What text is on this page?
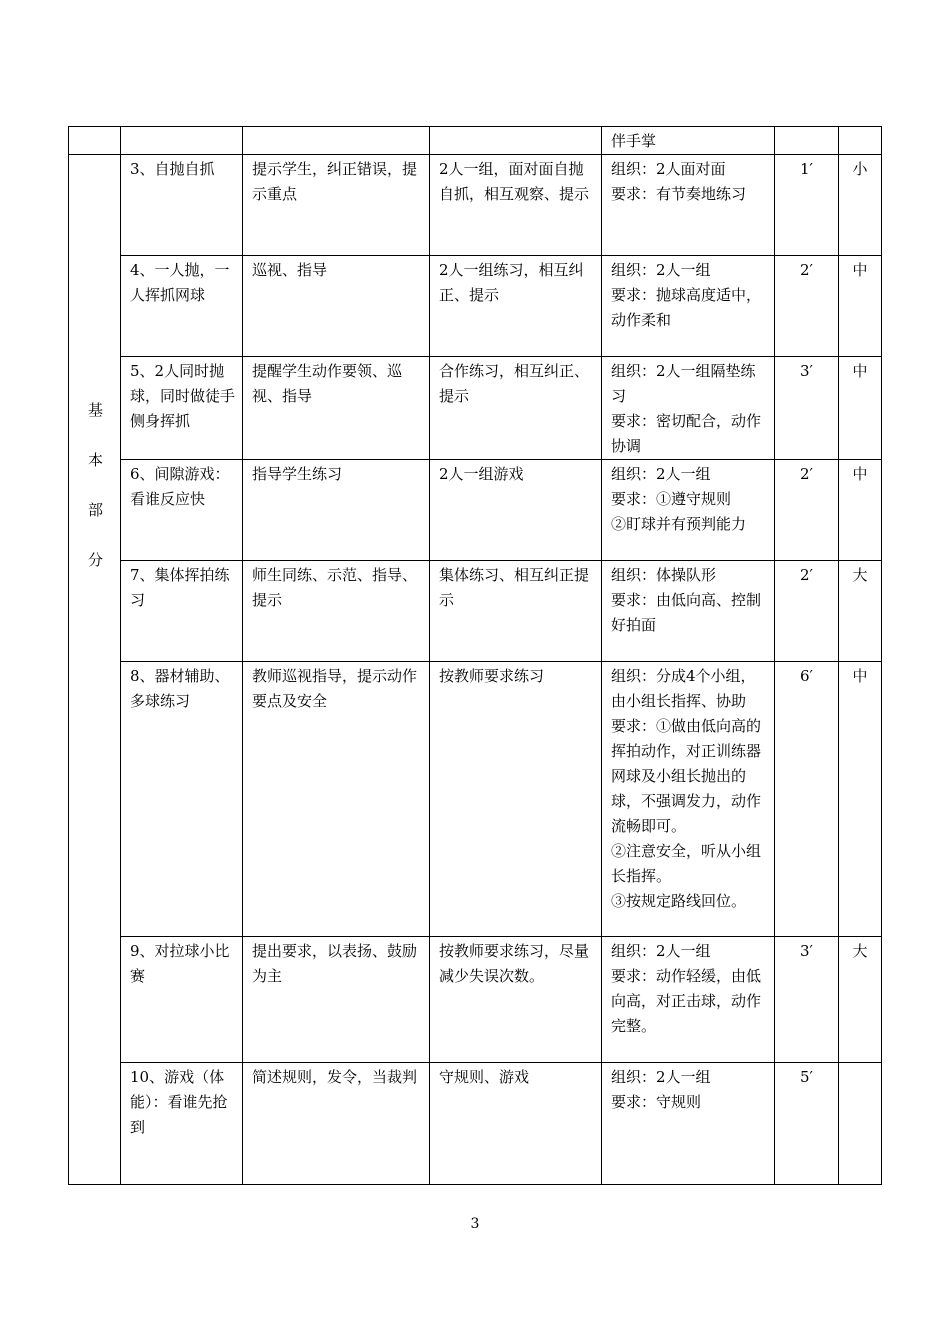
				伴手掌		

基
本
部
分	3、自抛自抓	提示学生，纠正错误，提示重点	2人一组，面对面自抛自抓，相互观察、提示	组织：2人面对面
要求：有节奏地练习	1′	小

	4、一人抛，一人挥抓网球	巡视、指导	2人一组练习，相互纠正、提示	组织：2人一组
要求：抛球高度适中，动作柔和	2′	中

	5、2人同时抛球，同时做徒手侧身挥抓	提醒学生动作要领、巡视、指导	合作练习，相互纠正、提示	组织：2人一组隔垫练习
要求：密切配合，动作协调	3′	中

	6、间隙游戏：看谁反应快	指导学生练习	2人一组游戏	组织：2人一组
要求：①遵守规则
②盯球并有预判能力	2′	中

	7、集体挥拍练习	师生同练、示范、指导、提示	集体练习、相互纠正提示	组织：体操队形
要求：由低向高、控制好拍面	2′	大

	8、器材辅助、多球练习	教师巡视指导，提示动作要点及安全	按教师要求练习	组织：分成4个小组，由小组长指挥、协助
要求：①做由低向高的挥拍动作，对正训练器网球及小组长抛出的球，不强调发力，动作流畅即可。
②注意安全，听从小组长指挥。
③按规定路线回位。	6′	中

	9、对拉球小比赛	提出要求，以表扬、鼓励为主	按教师要求练习，尽量减少失误次数。	组织：2人一组
要求：动作轻缓，由低向高，对正击球，动作完整。	3′	大

	10、游戏（体能）：看谁先抢到	简述规则，发令，当裁判	守规则、游戏	组织：2人一组
要求：守规则	5′	

3
